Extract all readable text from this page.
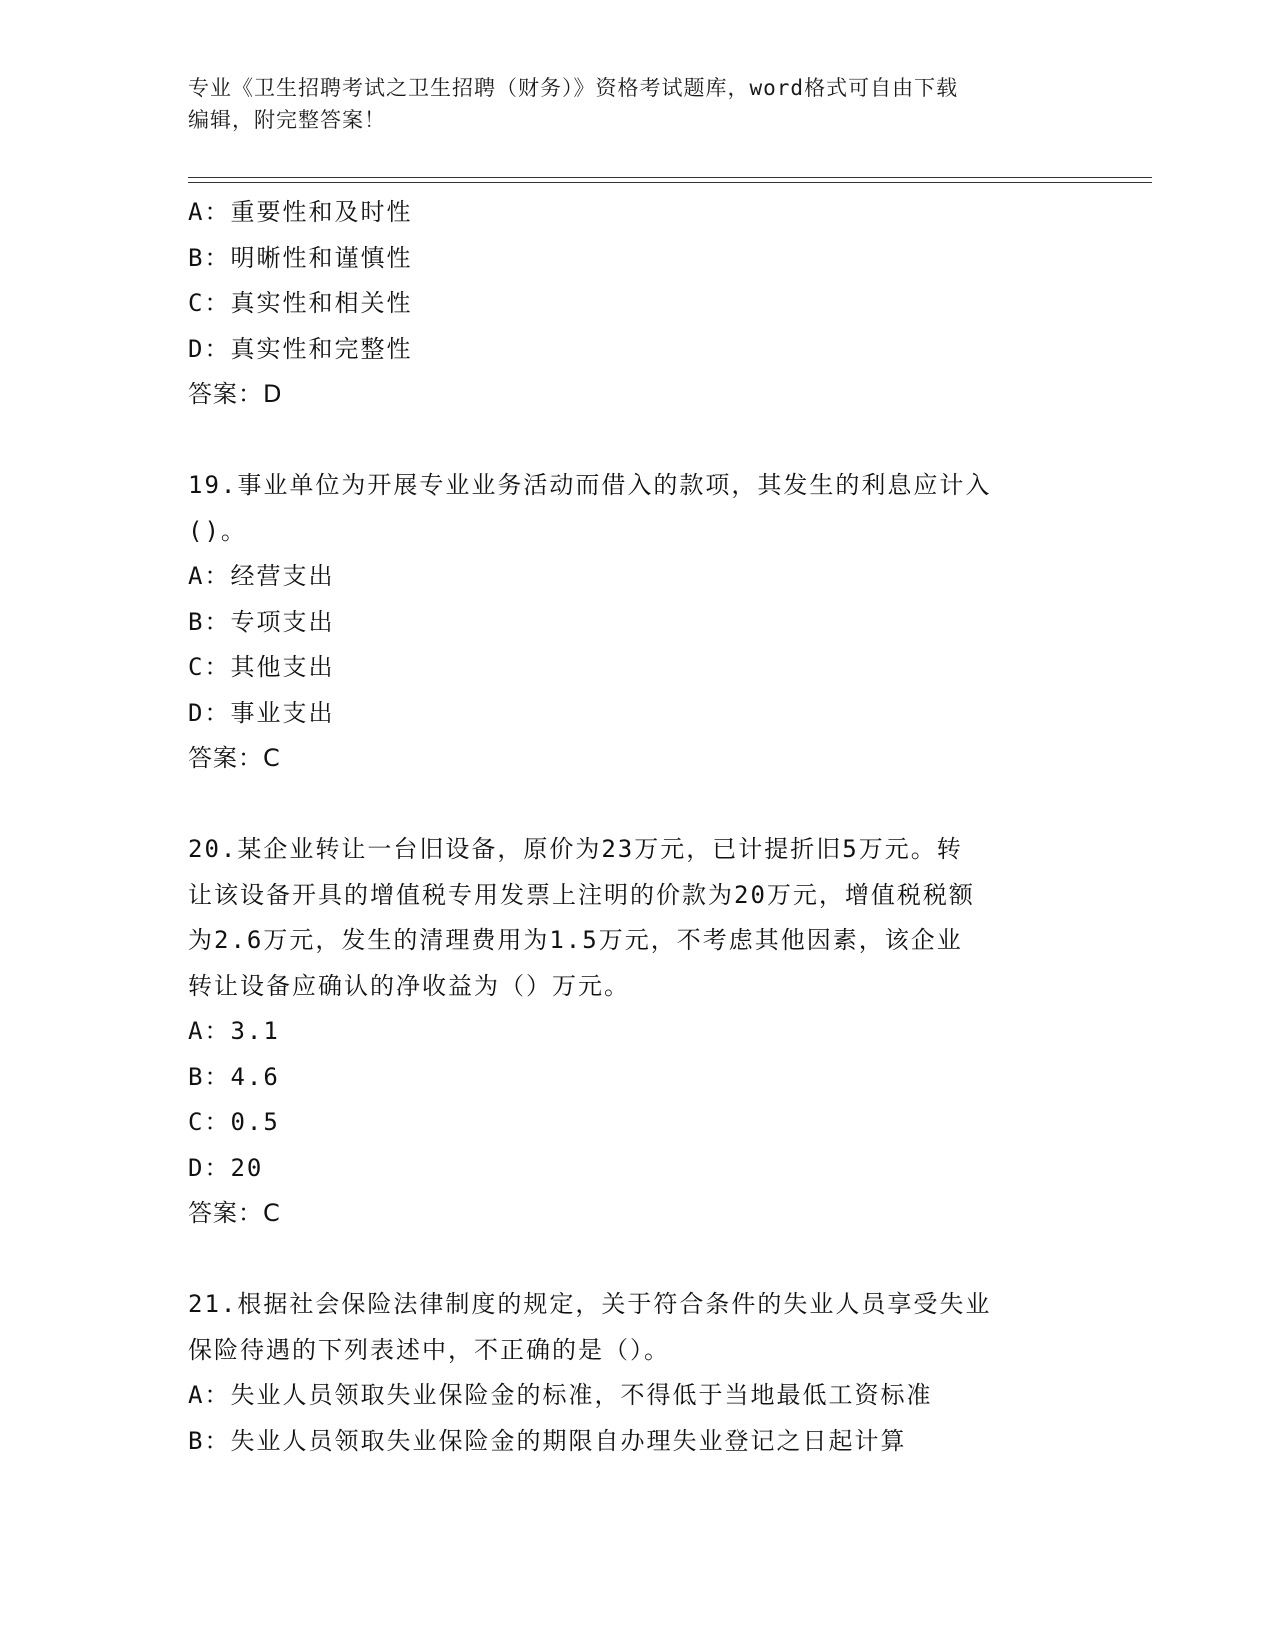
专业《卫生招聘考试之卫生招聘（财务）》资格考试题库，word格式可自由下载
编辑，附完整答案！
A：重要性和及时性
B：明晰性和谨慎性
C：真实性和相关性
D：真实性和完整性
答案：D
19.事业单位为开展专业业务活动而借入的款项，其发生的利息应计入
()。
A：经营支出
B：专项支出
C：其他支出
D：事业支出
答案：C
20.某企业转让一台旧设备，原价为23万元，已计提折旧5万元。转
让该设备开具的增值税专用发票上注明的价款为20万元，增值税税额
为2.6万元，发生的清理费用为1.5万元，不考虑其他因素，该企业
转让设备应确认的净收益为（）万元。
A：3.1
B：4.6
C：0.5
D：20
答案：C
21.根据社会保险法律制度的规定，关于符合条件的失业人员享受失业
保险待遇的下列表述中，不正确的是（）。
A：失业人员领取失业保险金的标准，不得低于当地最低工资标准
B：失业人员领取失业保险金的期限自办理失业登记之日起计算
